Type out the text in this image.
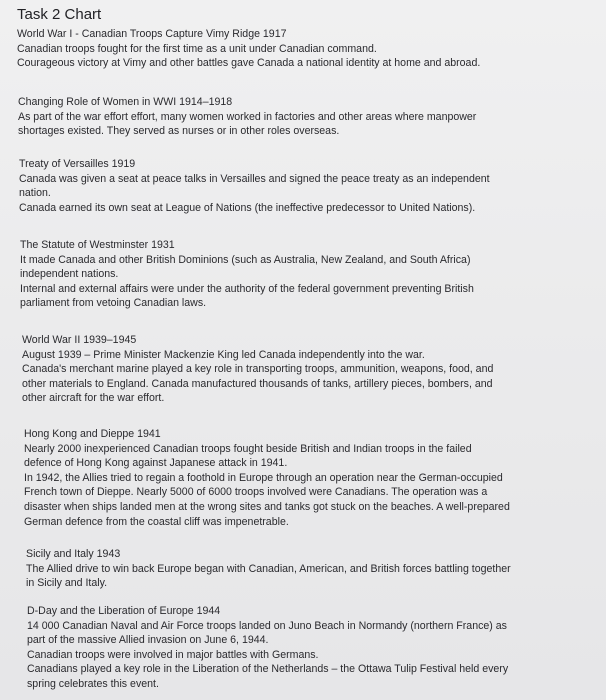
Task 2 Chart

World War I - Canadian Troops Capture Vimy Ridge 1917

Canadian troops fought for the first time as a unit under Canadian command.

Courageous victory at Vimy and other battles gave Canada a national identity at home and abroad.

Changing Role of Women in WWI 1914–1918

As part of the war effort effort, many women worked in factories and other areas where manpower

shortages existed. They served as nurses or in other roles overseas.

Treaty of Versailles 1919

Canada was given a seat at peace talks in Versailles and signed the peace treaty as an independent

nation.

Canada earned its own seat at League of Nations (the ineffective predecessor to United Nations).

The Statute of Westminster 1931

It made Canada and other British Dominions (such as Australia, New Zealand, and South Africa)

independent nations.

Internal and external affairs were under the authority of the federal government preventing British

parliament from vetoing Canadian laws.

World War II 1939–1945

August 1939 – Prime Minister Mackenzie King led Canada independently into the war.

Canada's merchant marine played a key role in transporting troops, ammunition, weapons, food, and

other materials to England. Canada manufactured thousands of tanks, artillery pieces, bombers, and

other aircraft for the war effort.

Hong Kong and Dieppe 1941

Nearly 2000 inexperienced Canadian troops fought beside British and Indian troops in the failed

defence of Hong Kong against Japanese attack in 1941.

In 1942, the Allies tried to regain a foothold in Europe through an operation near the German-occupied

French town of Dieppe. Nearly 5000 of 6000 troops involved were Canadians. The operation was a

disaster when ships landed men at the wrong sites and tanks got stuck on the beaches. A well-prepared

German defence from the coastal cliff was impenetrable.

Sicily and Italy 1943

The Allied drive to win back Europe began with Canadian, American, and British forces battling together

in Sicily and Italy.

D-Day and the Liberation of Europe 1944

14 000 Canadian Naval and Air Force troops landed on Juno Beach in Normandy (northern France) as

part of the massive Allied invasion on June 6, 1944.

Canadian troops were involved in major battles with Germans.

Canadians played a key role in the Liberation of the Netherlands – the Ottawa Tulip Festival held every

spring celebrates this event.
